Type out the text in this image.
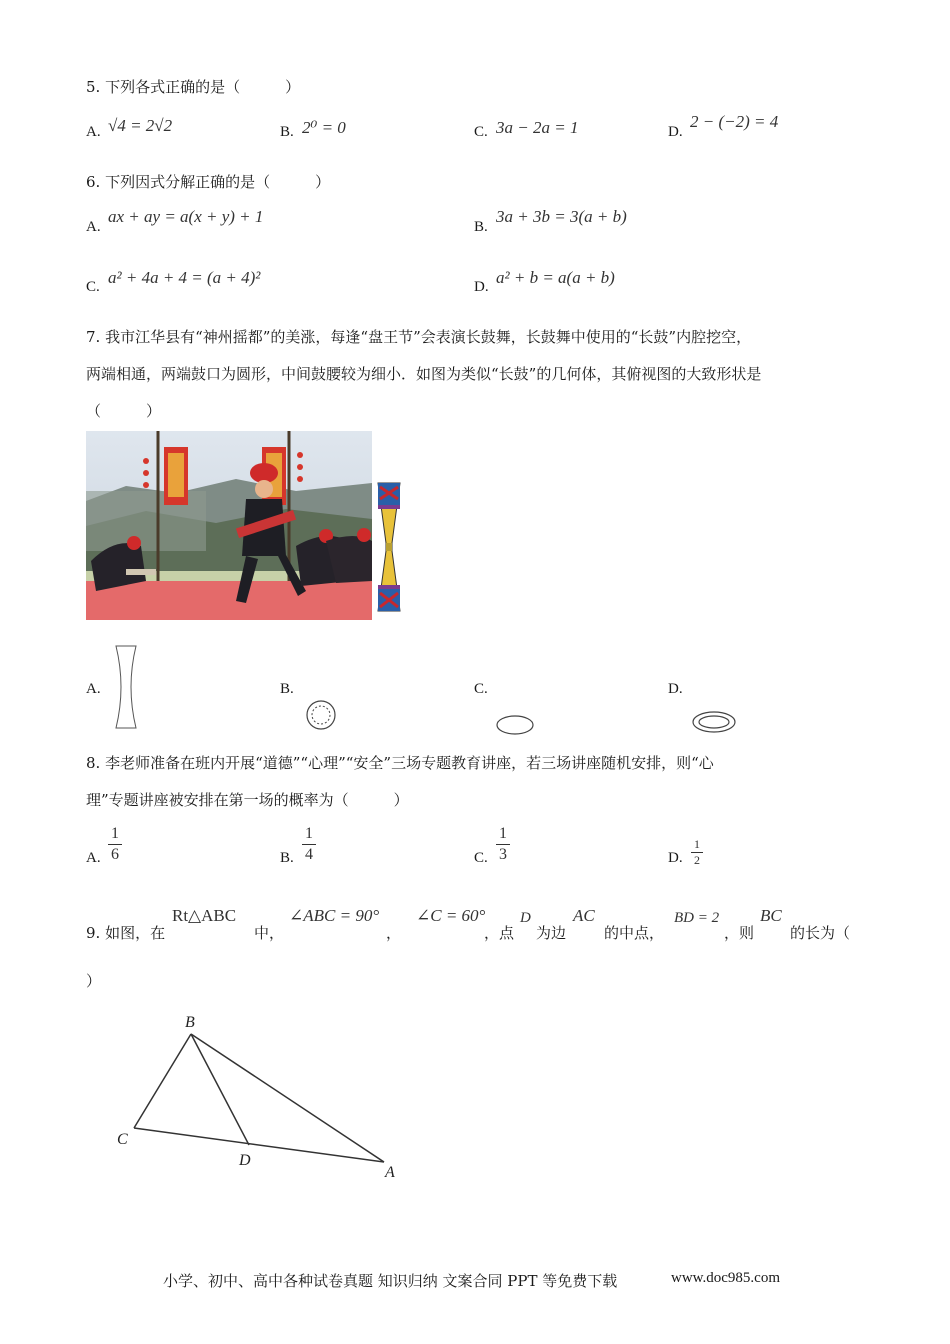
5. 下列各式正确的是（　　　）
A. √4 = 2√2	B. 2⁰ = 0	C. 3a − 2a = 1	D.
2 − (−2) = 4
6. 下列因式分解正确的是（　　　）
A.
ax + ay = a(x + y) + 1
B.
3a + 3b = 3(a + b)
C. a² + 4a + 4 = (a + 4)²	D. a² + b = a(a + b)
7. 我市江华县有“神州摇都”的美涨，每逢“盘王节”会表演长鼓舞，长鼓舞中使用的“长鼓”内腔挖空，
两端相通，两端鼓口为圆形，中间鼓腰较为细小．如图为类似“长鼓”的几何体，其俯视图的大致形状是
（　　　）
A.	B.	C.	D.
8. 李老师准备在班内开展“道德”“心理”“安全”三场专题教育讲座，若三场讲座随机安排，则“心
理”专题讲座被安排在第一场的概率为（　　　）
A.
1
6	B.
1
4	C.
1
3	D.
1
2
9. 如图，在
Rt△ABC
中，
∠ABC = 90°
，
∠C = 60°
，点
D
为边
AC
的中点，
BD = 2
，则
BC
的长为（
）
B
C
D
A
小学、初中、高中各种试卷真题 知识归纳 文案合同 PPT 等免费下载	www.doc985.com
